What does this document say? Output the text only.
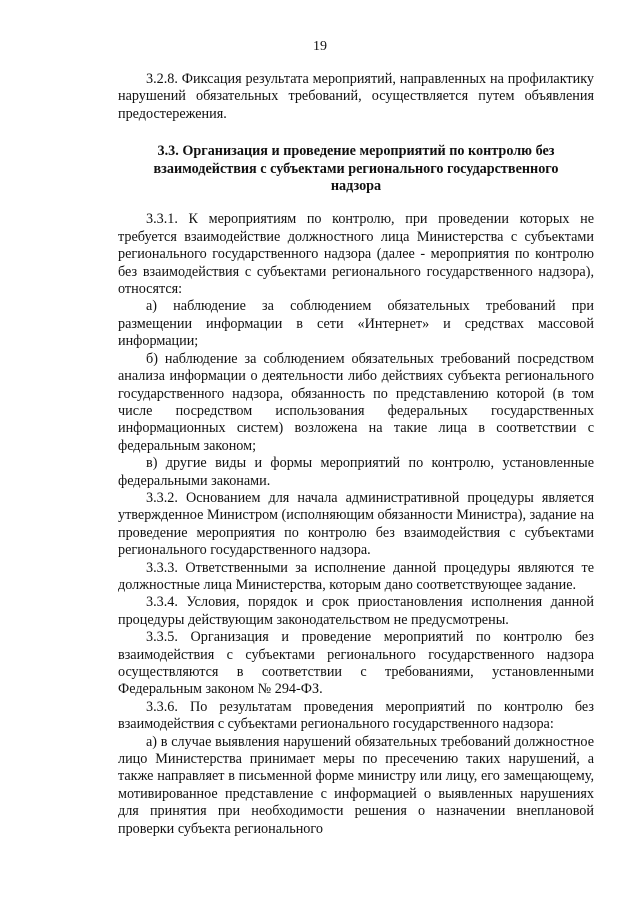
19

3.2.8. Фиксация результата мероприятий, направленных на профилактику нарушений обязательных требований, осуществляется путем объявления предостережения.

3.3. Организация и проведение мероприятий по контролю без взаимодействия с субъектами регионального государственного надзора

3.3.1. К мероприятиям по контролю, при проведении которых не требуется взаимодействие должностного лица Министерства с субъектами регионального государственного надзора (далее - мероприятия по контролю без взаимодействия с субъектами регионального государственного надзора), относятся:

а) наблюдение за соблюдением обязательных требований при размещении информации в сети «Интернет» и средствах массовой информации;

б) наблюдение за соблюдением обязательных требований посредством анализа информации о деятельности либо действиях субъекта регионального государственного надзора, обязанность по представлению которой (в том числе посредством использования федеральных государственных информационных систем) возложена на такие лица в соответствии с федеральным законом;

в) другие виды и формы мероприятий по контролю, установленные федеральными законами.

3.3.2. Основанием для начала административной процедуры является утвержденное Министром (исполняющим обязанности Министра), задание на проведение мероприятия по контролю без взаимодействия с субъектами регионального государственного надзора.

3.3.3. Ответственными за исполнение данной процедуры являются те должностные лица Министерства, которым дано соответствующее задание.

3.3.4. Условия, порядок и срок приостановления исполнения данной процедуры действующим законодательством не предусмотрены.

3.3.5. Организация и проведение мероприятий по контролю без взаимодействия с субъектами регионального государственного надзора осуществляются в соответствии с требованиями, установленными Федеральным законом № 294-ФЗ.

3.3.6. По результатам проведения мероприятий по контролю без взаимодействия с субъектами регионального государственного надзора:

а) в случае выявления нарушений обязательных требований должностное лицо Министерства принимает меры по пресечению таких нарушений, а также направляет в письменной форме министру или лицу, его замещающему, мотивированное представление с информацией о выявленных нарушениях для принятия при необходимости решения о назначении внеплановой проверки субъекта регионального
